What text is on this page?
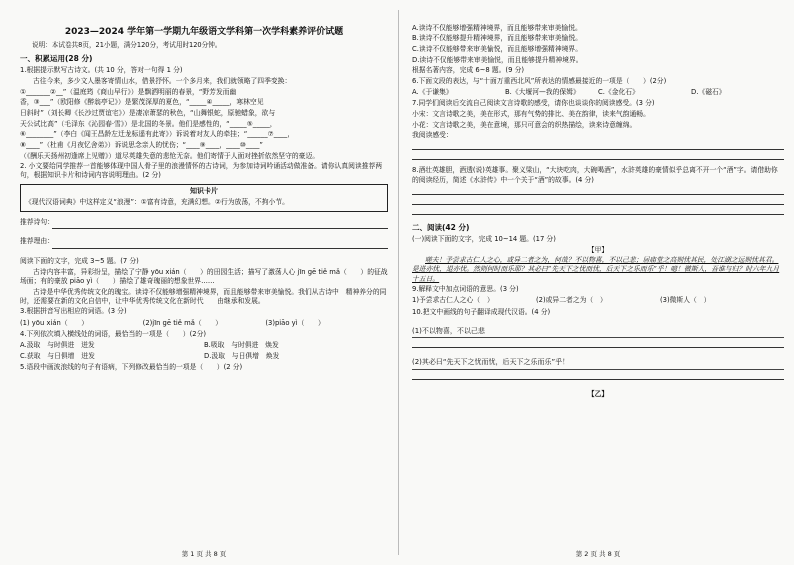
2023—2024 学年第一学期九年级语文学科第一次学科素养评价试题
说明：本试卷共8页，21小题，满分120分，考试用时120分钟。
一、积累运用(28 分)
1.根据提示默写古诗文。(共 10 分，答对一句得 1 分)
古往今来，多少文人墨客寄情山水，借景抒怀。一个多月来，我们就领略了四季变换：
①_______②__”（温庭筠《商山早行》）是飘洒明丽的春景，“野芳发而幽
香，③___”（欧阳修《醉翁亭记》）是繁茂深厚的夏色，“_____④_____，寒林空见
日斜时”（刘长卿《长沙过贾谊宅》）是凄凉萧瑟的秋色，“山舞银蛇，原驰蜡象，欲与
天公试比高”（毛泽东《沁园春·雪》）是北国的冬景。他们是感性的，“_____⑤_____，
⑥________”（李白《闻王昌龄左迁龙标遥有此寄》）诉说着对友人的牵挂；“______⑦____，
⑧____”（杜甫《月夜忆舍弟》）诉说思念亲人的忧伤；“____⑨____，____⑩____”
（《酬乐天扬州初逢席上见赠》）道尽英雄失意的悲怆无奈。他们寄情于人面对挫折依然坚守的豪迈。
2. 小文要给同学推荐一首能够体现中国人骨子里的浪漫情怀的古诗词，为参加诗词吟诵活动做准备。请你认真阅读推荐两句，根据知识卡片和诗词内容说明理由。(2 分)
知识卡片
《现代汉语词典》中这样定义“浪漫”：①富有诗意，充满幻想。②行为放荡，不拘小节。
推荐诗句：
推荐理由：
阅读下面的文字，完成 3~5 题。(7 分)
古诗内容丰富，异彩纷呈，描绘了宁静 yōu xián（　　）的田园生活；描写了激荡人心 jīn gē tiě mǎ（　　）的征战场面；有的豪放 piāo yì（　　）描绘了雄奇瑰丽的想象世界……
古诗是中华优秀传统文化的瑰宝。读诗不仅能够增强精神境界，而且能够带来审美愉悦。我们从古诗中　精神养分的同时，还需要在新的文化自信中，让中华优秀传统文化在新时代　　由继承和发展。
3.根据拼音写出相应的词语。(3 分)
(1) yōu xián（　　）	(2)jīn gē tiě mǎ（　　）	(3)piāo yì（　　）
4.下列依次填入横线处的词语，最恰当的一项是（　　）(2分)
A.汲取　与时俱进　迸发	B.吸取　与时俱进　焕发
C.获取　与日俱增　迸发	D.汲取　与日俱增　焕发
5.语段中画波浪线的句子有语病，下列修改最恰当的一项是（　　）(2 分)
第 1 页 共 8 页
A.读诗不仅能够增强精神境界，而且能够带来审美愉悦。
B.读诗不仅能够提升精神境界，而且能够带来审美愉悦。
C.读诗不仅能够带来审美愉悦，而且能够增强精神境界。
D.读诗不仅能够带来审美愉悦，而且能够提升精神境界。
根据名著内容，完成 6~8 题。(9 分)
6.下面文段的表达，与“十面万重西北风”所表达的情感最接近的一项是（　　）(2分)
A.《于谦集》	B.《大堰河—我的保姆》	C.《金化石》	D.《磁石》
7.同学们阅读后交流自己阅读文言诗歌的感受，请你也谈谈你的阅读感受。(3 分)
小宋：文言诗歌之美，美在形式，那有气势的排比、美在韵律，读来气韵通畅。
小花：文言诗歌之美，美在意境，那只可意会的织热描绘，读来诗意缠绵。
我阅读感受：
8.酒壮英雄胆，酒透(说)英雄事。聚义梁山，“大块吃肉，大碗喝酒”，水浒英雄的豪情似乎总离不开一个“酒”字。请借助你的阅读经历，简述《水浒传》中一个关于“酒”的故事。(4 分)
二、阅读(42 分)
(一)阅读下面的文字，完成 10~14 题。(17 分)
【甲】
嗟夫！予尝求古仁人之心，或异二者之为，何哉？不以物喜，不以己悲；居庙堂之高则忧其民，处江湖之远则忧其君。是进亦忧，退亦忧。然则何时而乐耶？其必曰“先天下之忧而忧，后天下之乐而乐”乎！噫！微斯人，吾谁与归？时六年九月十五日。
9.解释文中加点词语的意思。(3 分)
1)予尝求古仁人之心（　）	(2)或异二者之为（　）	(3)微斯人（　）
10.把文中画线的句子翻译成现代汉语。(4 分)
(1)不以物喜，不以己悲
(2)其必曰“先天下之忧而忧，后天下之乐而乐”乎！
【乙】
第 2 页 共 8 页
